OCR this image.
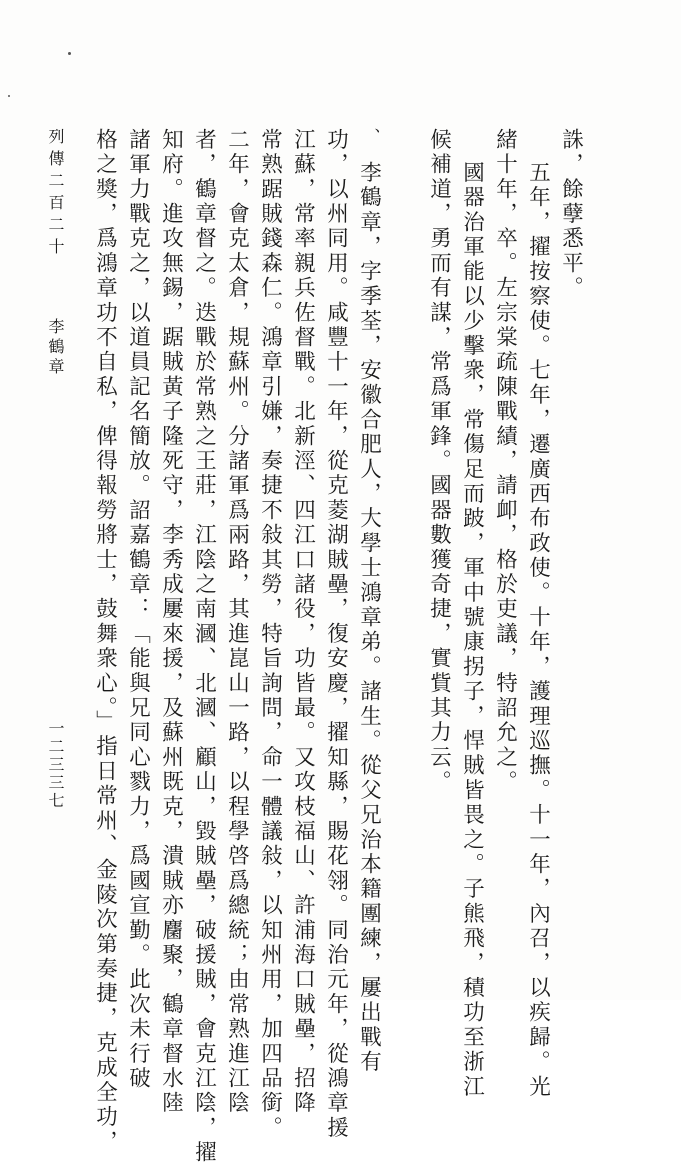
誅，餘孽悉平。
五年，擢按察使。七年，遷廣西布政使。十年，護理巡撫。十一年，內召，以疾歸。光
緒十年，卒。左宗棠疏陳戰績，請卹，格於吏議，特詔允之。
國器治軍能以少擊衆，常傷足而跛，軍中號康拐子，悍賊皆畏之。子熊飛，積功至浙江
候補道，勇而有謀，常爲軍鋒。國器數獲奇捷，實貲其力云。
、
李鶴章，字季荃，安徽合肥人，大學士鴻章弟。諸生。從父兄治本籍團練，屢出戰有
功，以州同用。咸豐十一年，從克菱湖賊壘，復安慶，擢知縣，賜花翎。同治元年，從鴻章援
江蘇，常率親兵佐督戰。北新涇、四江口諸役，功皆最。又攻枝福山、許浦海口賊壘，招降
常熟踞賊錢森仁。鴻章引嫌，奏捷不敍其勞，特旨詢問，命一體議敍，以知州用，加四品銜。
二年，會克太倉，規蘇州。分諸軍爲兩路，其進崑山一路，以程學啓爲總統；由常熟進江陰
者，鶴章督之。迭戰於常熟之王莊，江陰之南漍、北漍、顧山，毀賊壘，破援賊，會克江陰，擢
知府。進攻無錫，踞賊黃子隆死守，李秀成屢來援，及蘇州既克，潰賊亦麕聚，鶴章督水陸
諸軍力戰克之，以道員記名簡放。詔嘉鶴章：「能與兄同心戮力，爲國宣勤。此次未行破
格之獎，爲鴻章功不自私，俾得報勞將士，鼓舞衆心。」指日常州、金陵次第奏捷，克成全功，
列傳二百二十
李鶴章
一二三三七
